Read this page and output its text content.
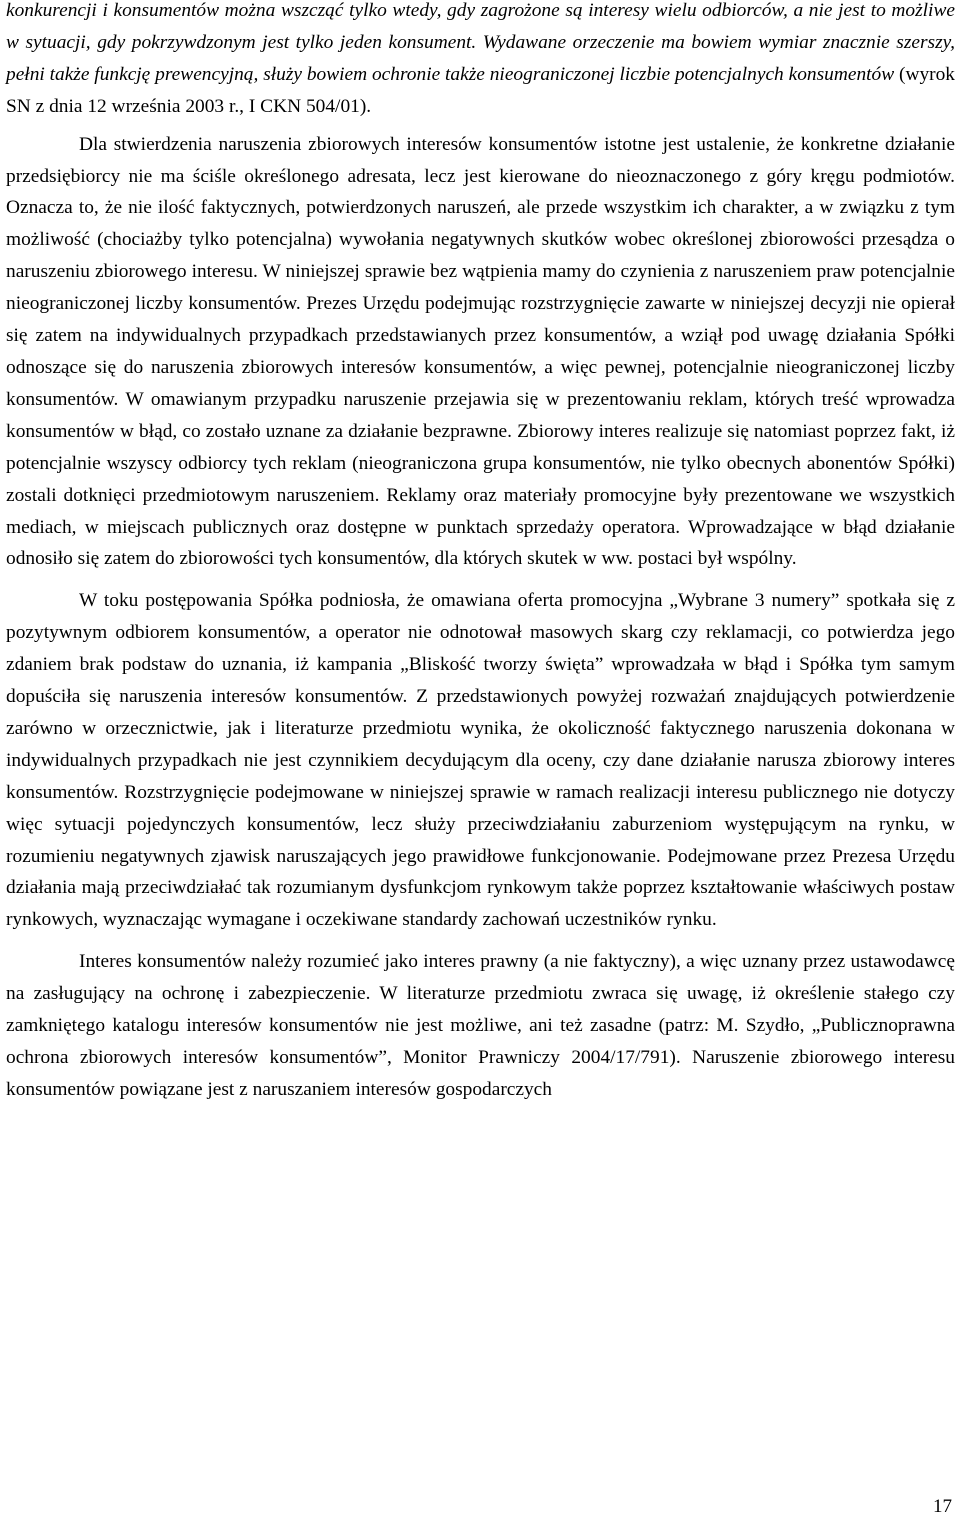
konkurencji i konsumentów można wszcząć tylko wtedy, gdy zagrożone są interesy wielu odbiorców, a nie jest to możliwe w sytuacji, gdy pokrzywdzonym jest tylko jeden konsument. Wydawane orzeczenie ma bowiem wymiar znacznie szerszy, pełni także funkcję prewencyjną, służy bowiem ochronie także nieograniczonej liczbie potencjalnych konsumentów (wyrok SN z dnia 12 września 2003 r., I CKN 504/01).

Dla stwierdzenia naruszenia zbiorowych interesów konsumentów istotne jest ustalenie, że konkretne działanie przedsiębiorcy nie ma ściśle określonego adresata, lecz jest kierowane do nieoznaczonego z góry kręgu podmiotów. Oznacza to, że nie ilość faktycznych, potwierdzonych naruszeń, ale przede wszystkim ich charakter, a w związku z tym możliwość (chociażby tylko potencjalna) wywołania negatywnych skutków wobec określonej zbiorowości przesądza o naruszeniu zbiorowego interesu. W niniejszej sprawie bez wątpienia mamy do czynienia z naruszeniem praw potencjalnie nieograniczonej liczby konsumentów. Prezes Urzędu podejmując rozstrzygnięcie zawarte w niniejszej decyzji nie opierał się zatem na indywidualnych przypadkach przedstawianych przez konsumentów, a wziął pod uwagę działania Spółki odnoszące się do naruszenia zbiorowych interesów konsumentów, a więc pewnej, potencjalnie nieograniczonej liczby konsumentów. W omawianym przypadku naruszenie przejawia się w prezentowaniu reklam, których treść wprowadza konsumentów w błąd, co zostało uznane za działanie bezprawne. Zbiorowy interes realizuje się natomiast poprzez fakt, iż potencjalnie wszyscy odbiorcy tych reklam (nieograniczona grupa konsumentów, nie tylko obecnych abonentów Spółki) zostali dotknięci przedmiotowym naruszeniem. Reklamy oraz materiały promocyjne były prezentowane we wszystkich mediach, w miejscach publicznych oraz dostępne w punktach sprzedaży operatora. Wprowadzające w błąd działanie odnosiło się zatem do zbiorowości tych konsumentów, dla których skutek w ww. postaci był wspólny.

W toku postępowania Spółka podniosła, że omawiana oferta promocyjna „Wybrane 3 numery” spotkała się z pozytywnym odbiorem konsumentów, a operator nie odnotował masowych skarg czy reklamacji, co potwierdza jego zdaniem brak podstaw do uznania, iż kampania „Bliskość tworzy święta” wprowadzała w błąd i Spółka tym samym dopuściła się naruszenia interesów konsumentów. Z przedstawionych powyżej rozważań znajdujących potwierdzenie zarówno w orzecznictwie, jak i literaturze przedmiotu wynika, że okoliczność faktycznego naruszenia dokonana w indywidualnych przypadkach nie jest czynnikiem decydującym dla oceny, czy dane działanie narusza zbiorowy interes konsumentów. Rozstrzygnięcie podejmowane w niniejszej sprawie w ramach realizacji interesu publicznego nie dotyczy więc sytuacji pojedynczych konsumentów, lecz służy przeciwdziałaniu zaburzeniom występującym na rynku, w rozumieniu negatywnych zjawisk naruszających jego prawidłowe funkcjonowanie. Podejmowane przez Prezesa Urzędu działania mają przeciwdziałać tak rozumianym dysfunkcjom rynkowym także poprzez kształtowanie właściwych postaw rynkowych, wyznaczając wymagane i oczekiwane standardy zachowań uczestników rynku.

Interes konsumentów należy rozumieć jako interes prawny (a nie faktyczny), a więc uznany przez ustawodawcę na zasługujący na ochronę i zabezpieczenie. W literaturze przedmiotu zwraca się uwagę, iż określenie stałego czy zamkniętego katalogu interesów konsumentów nie jest możliwe, ani też zasadne (patrz: M. Szydło, „Publicznoprawna ochrona zbiorowych interesów konsumentów”, Monitor Prawniczy 2004/17/791). Naruszenie zbiorowego interesu konsumentów powiązane jest z naruszaniem interesów gospodarczych

17
